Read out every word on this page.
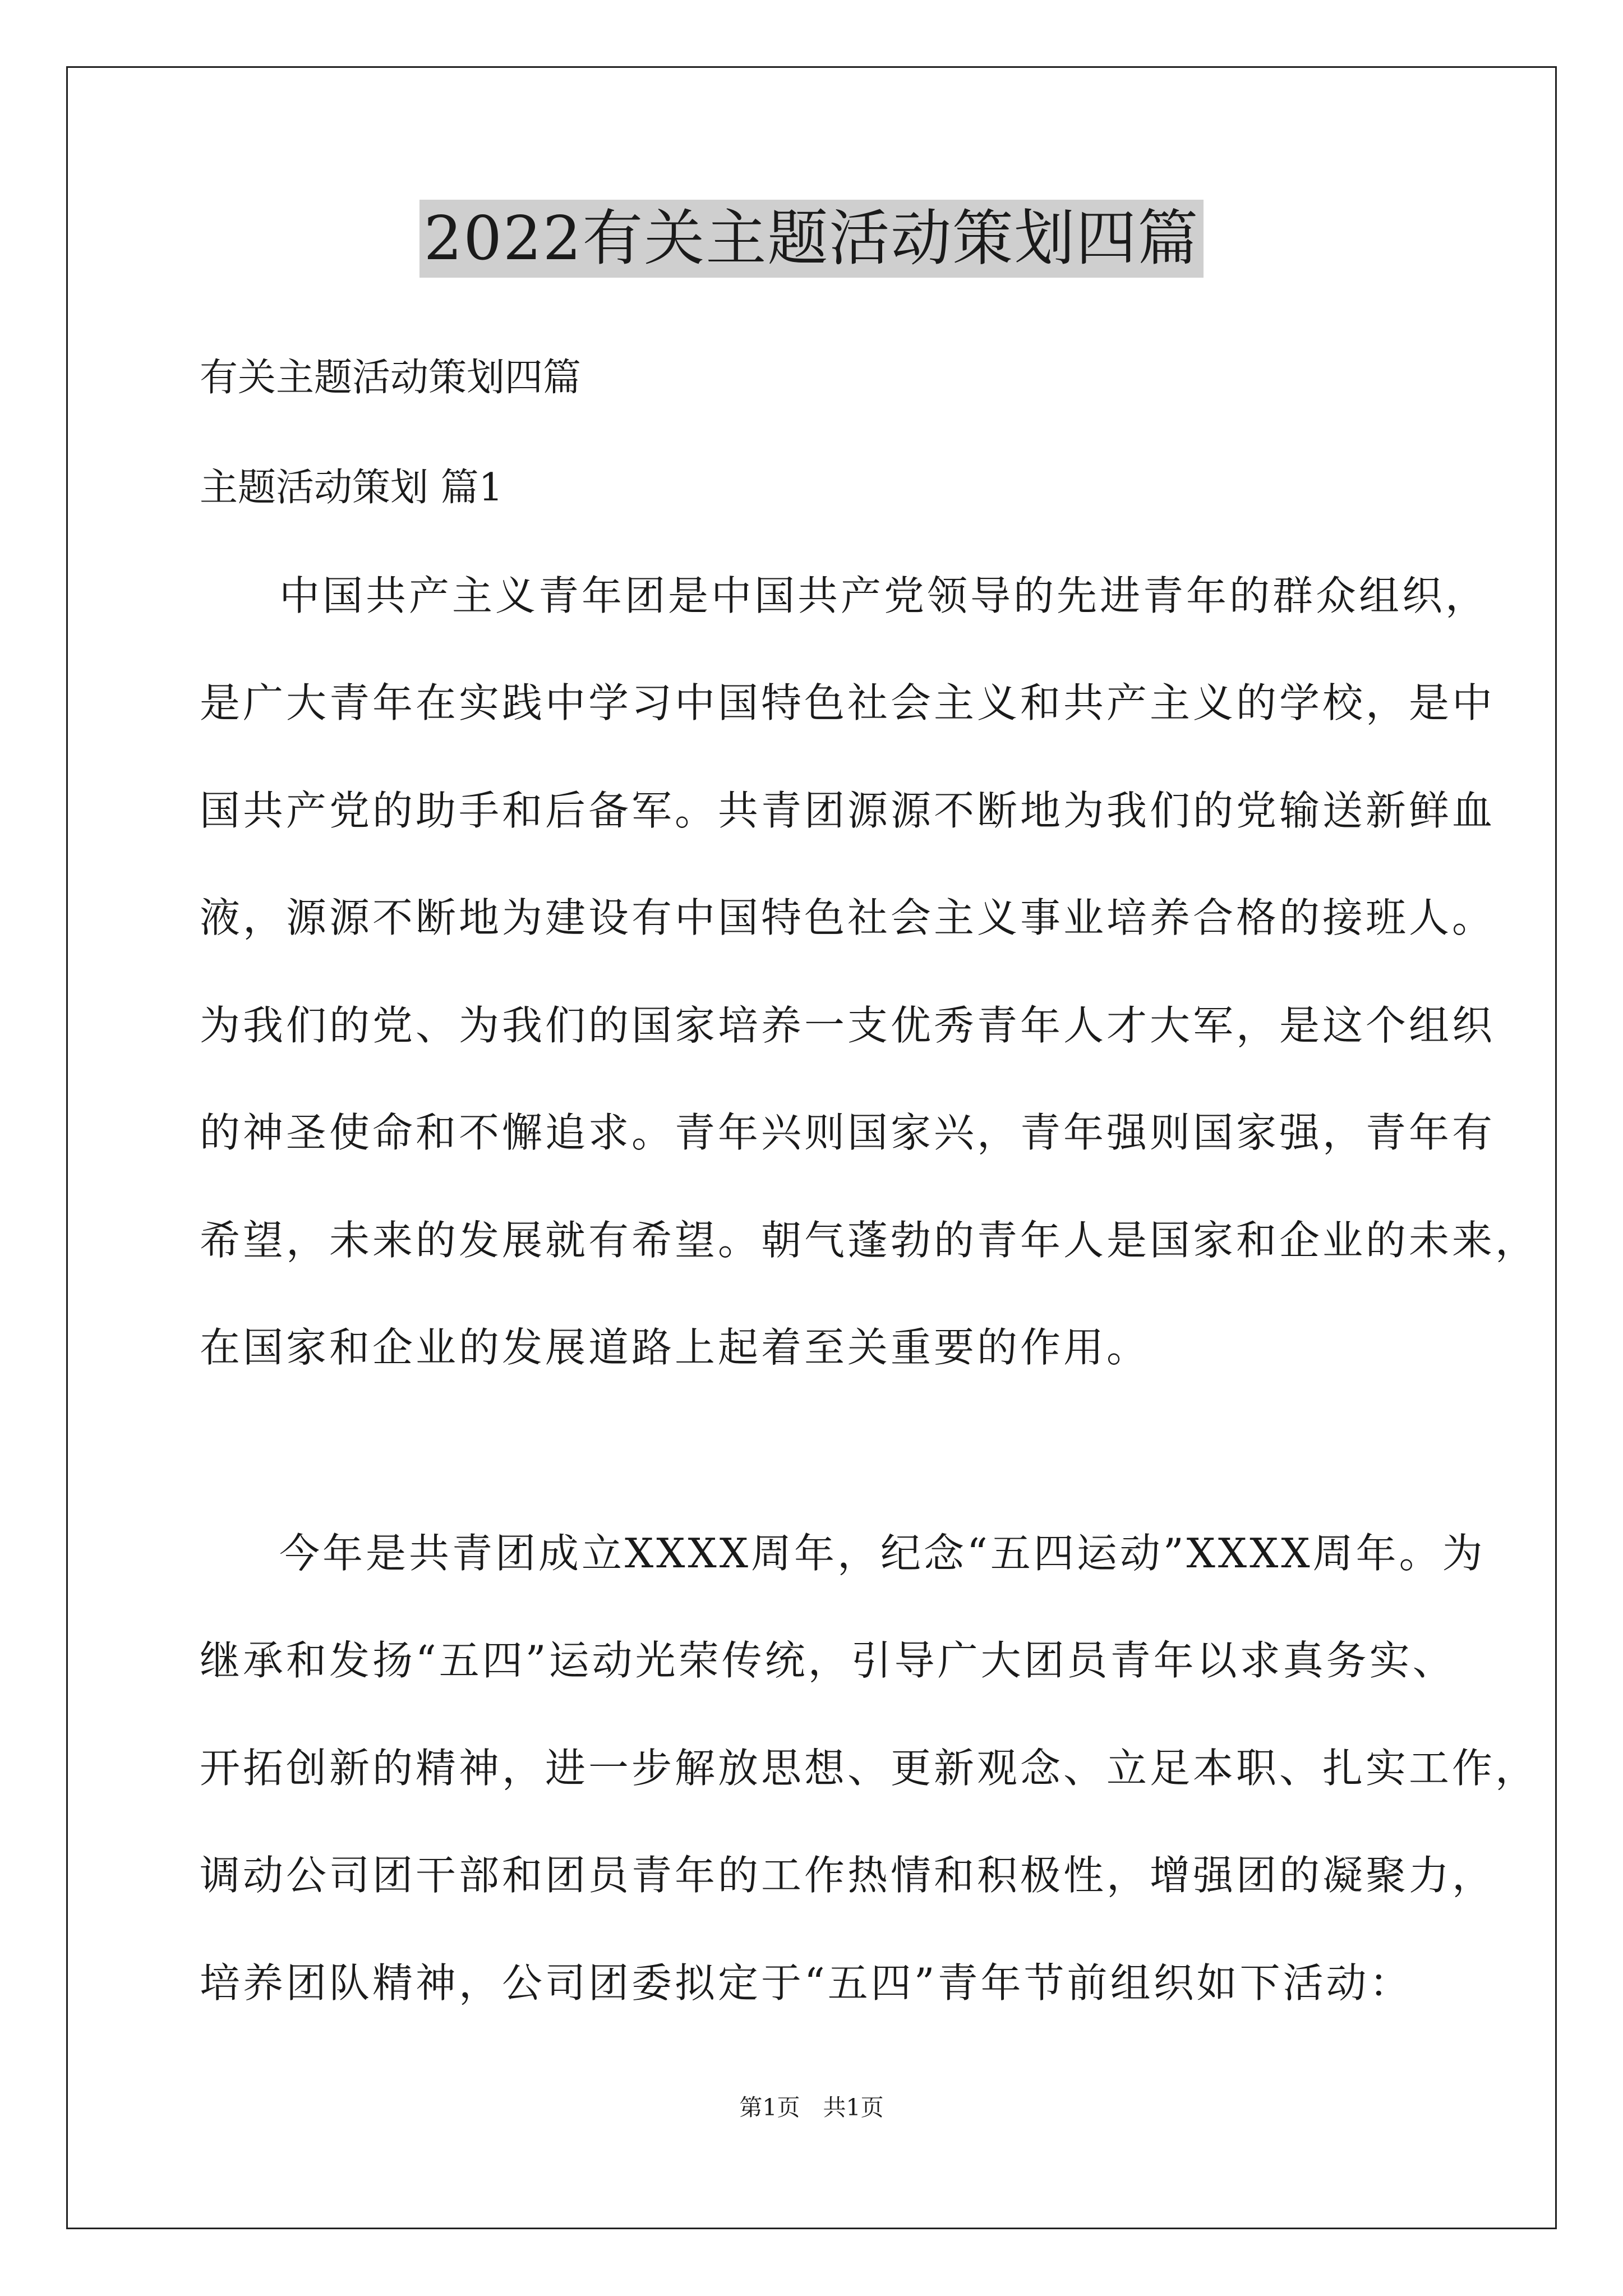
2022有关主题活动策划四篇
有关主题活动策划四篇
主题活动策划 篇1
中国共产主义青年团是中国共产党领导的先进青年的群众组织，
是广大青年在实践中学习中国特色社会主义和共产主义的学校，是中
国共产党的助手和后备军。共青团源源不断地为我们的党输送新鲜血
液，源源不断地为建设有中国特色社会主义事业培养合格的接班人。
为我们的党、为我们的国家培养一支优秀青年人才大军，是这个组织
的神圣使命和不懈追求。青年兴则国家兴，青年强则国家强，青年有
希望，未来的发展就有希望。朝气蓬勃的青年人是国家和企业的未来，
在国家和企业的发展道路上起着至关重要的作用。
今年是共青团成立XXXX周年，纪念“五四运动”XXXX周年。为
继承和发扬“五四”运动光荣传统，引导广大团员青年以求真务实、
开拓创新的精神，进一步解放思想、更新观念、立足本职、扎实工作，
调动公司团干部和团员青年的工作热情和积极性，增强团的凝聚力，
培养团队精神，公司团委拟定于“五四”青年节前组织如下活动：
第1页　共1页
